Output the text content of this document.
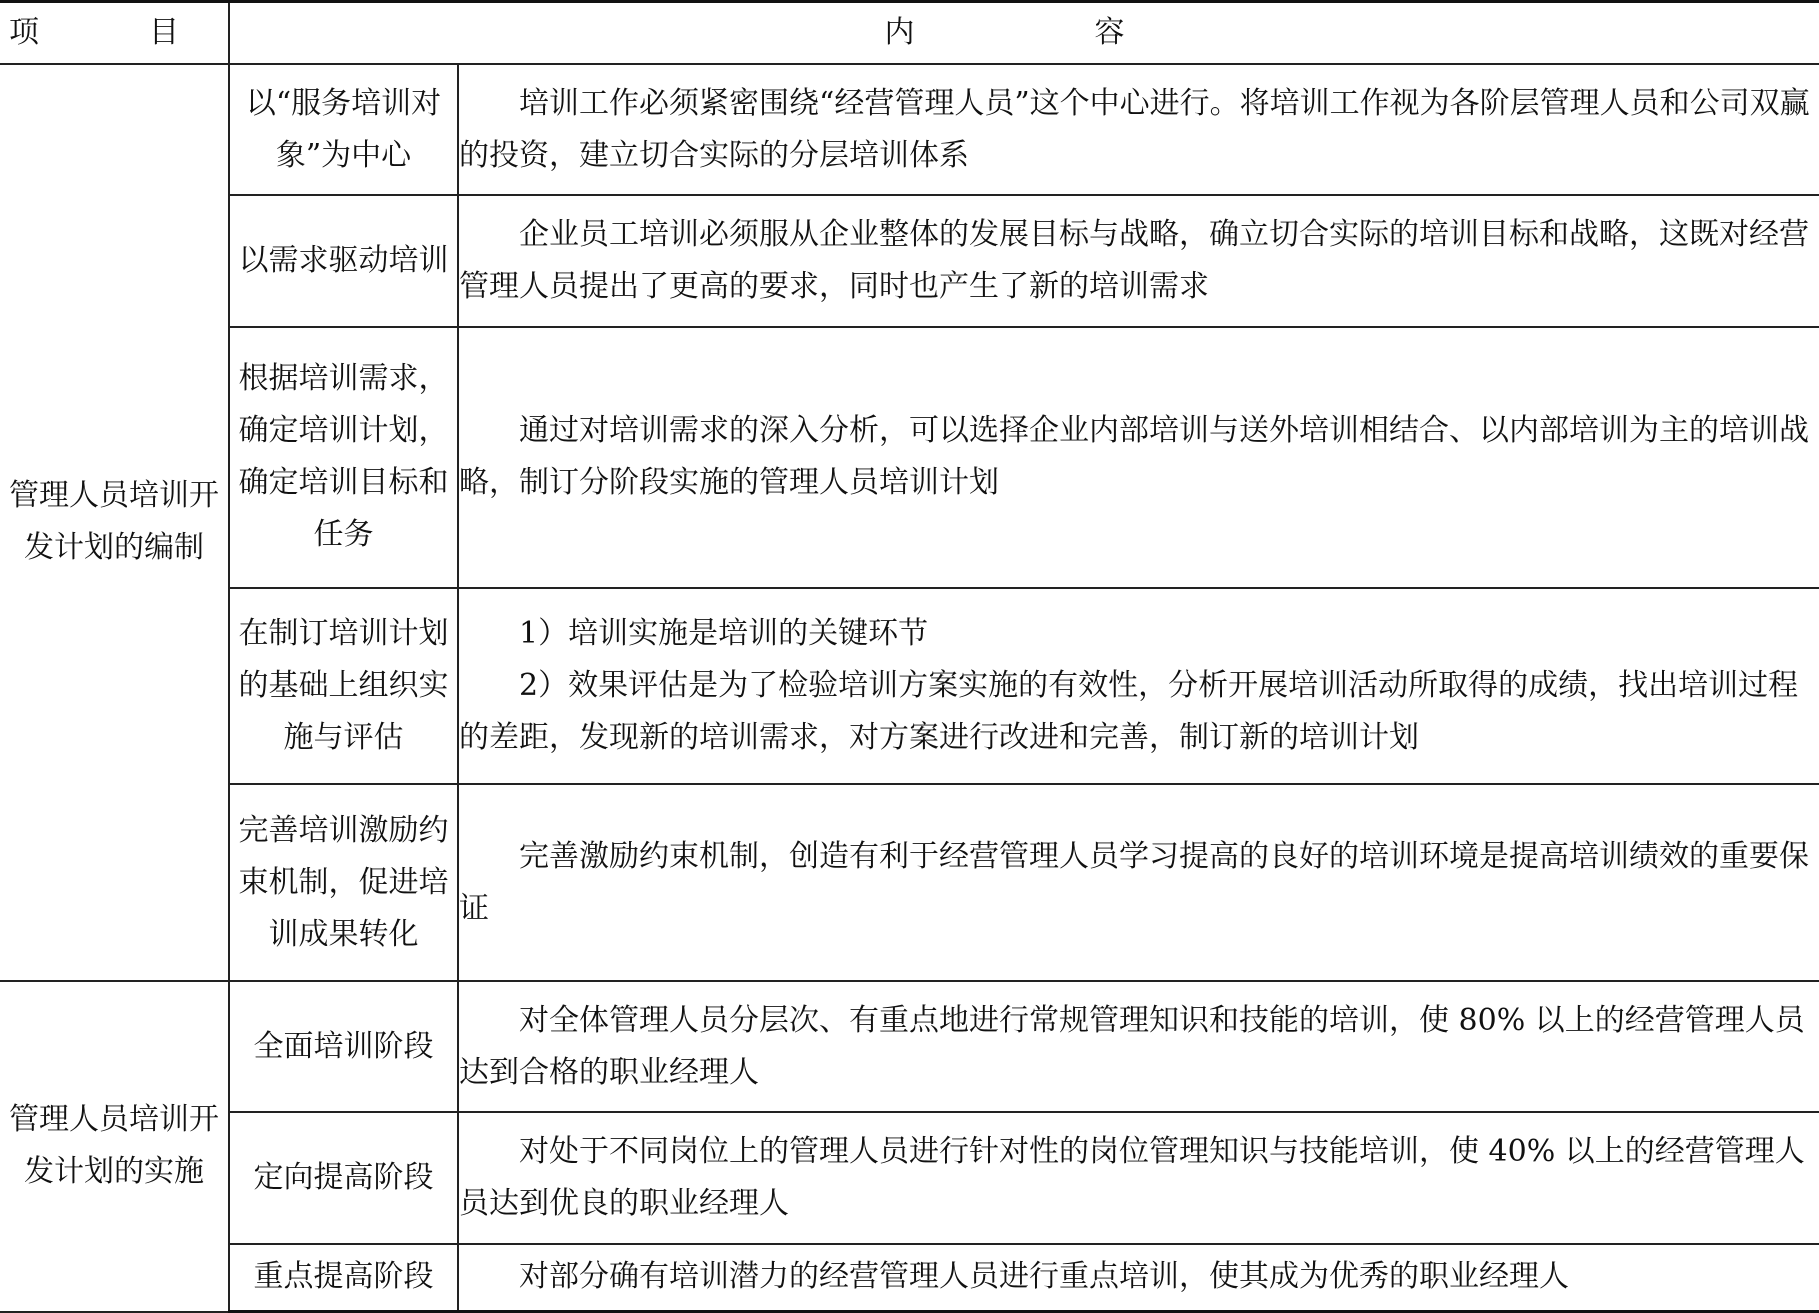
项　目	内　　容	
管理人员培训开发计划的编制	以“服务培训对象”为中心	培训工作必须紧密围绕“经营管理人员”这个中心进行。将培训工作视为各阶层管理人员和公司双赢的投资，建立切合实际的分层培训体系

	以需求驱动培训	企业员工培训必须服从企业整体的发展目标与战略，确立切合实际的培训目标和战略，这既对经营管理人员提出了更高的要求，同时也产生了新的培训需求

	根据培训需求，确定培训计划，确定培训目标和任务	通过对培训需求的深入分析，可以选择企业内部培训与送外培训相结合、以内部培训为主的培训战略，制订分阶段实施的管理人员培训计划

	在制订培训计划的基础上组织实施与评估	1）培训实施是培训的关键环节

2）效果评估是为了检验培训方案实施的有效性，分析开展培训活动所取得的成绩，找出培训过程的差距，发现新的培训需求，对方案进行改进和完善，制订新的培训计划

	完善培训激励约束机制，促进培训成果转化	完善激励约束机制，创造有利于经营管理人员学习提高的良好的培训环境是提高培训绩效的重要保证

管理人员培训开发计划的实施	全面培训阶段	对全体管理人员分层次、有重点地进行常规管理知识和技能的培训，使 80% 以上的经营管理人员达到合格的职业经理人

	定向提高阶段	对处于不同岗位上的管理人员进行针对性的岗位管理知识与技能培训，使 40% 以上的经营管理人员达到优良的职业经理人

	重点提高阶段	对部分确有培训潜力的经营管理人员进行重点培训，使其成为优秀的职业经理人
